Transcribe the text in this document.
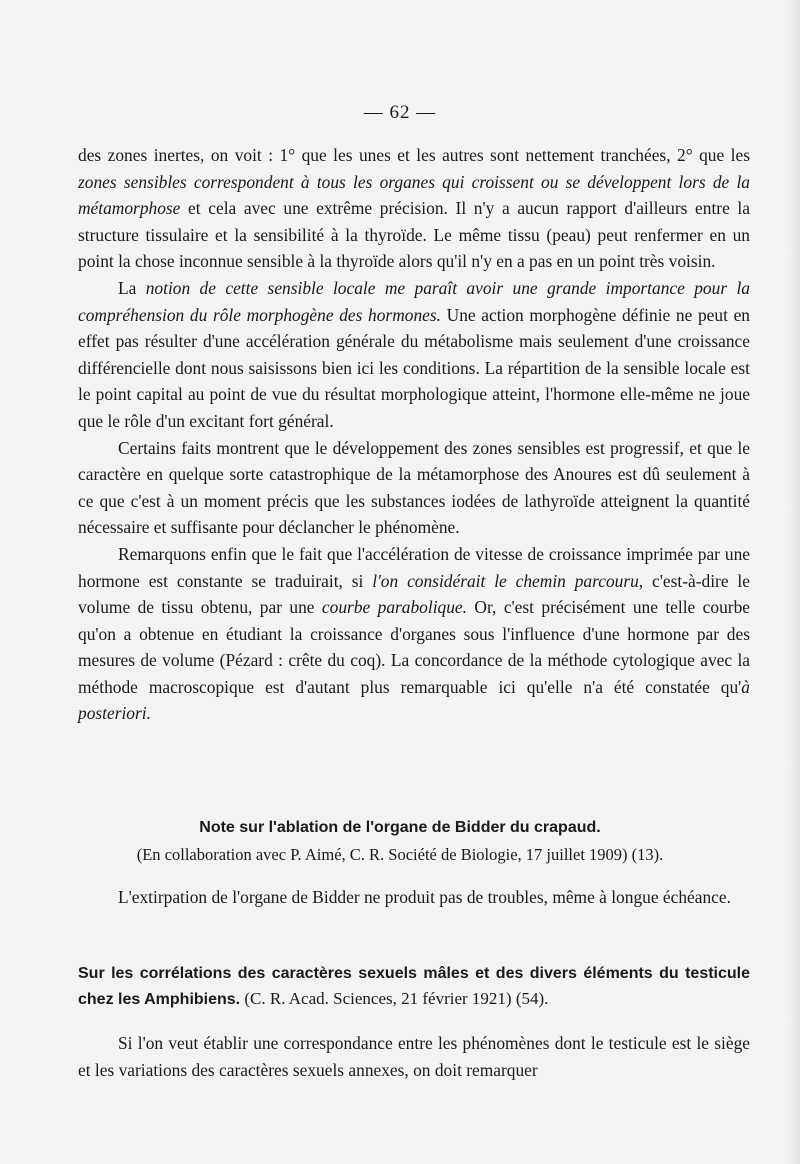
— 62 —

des zones inertes, on voit : 1° que les unes et les autres sont nettement tranchées, 2° que les zones sensibles correspondent à tous les organes qui croissent ou se développent lors de la métamorphose et cela avec une extrême précision. Il n'y a aucun rapport d'ailleurs entre la structure tissulaire et la sensibilité à la thyroïde. Le même tissu (peau) peut renfermer en un point la chose inconnue sensible à la thyroïde alors qu'il n'y en a pas en un point très voisin.

La notion de cette sensible locale me paraît avoir une grande importance pour la compréhension du rôle morphogène des hormones. Une action morphogène définie ne peut en effet pas résulter d'une accélération générale du métabolisme mais seulement d'une croissance différencielle dont nous saisissons bien ici les conditions. La répartition de la sensible locale est le point capital au point de vue du résultat morphologique atteint, l'hormone elle-même ne joue que le rôle d'un excitant fort général.

Certains faits montrent que le développement des zones sensibles est progressif, et que le caractère en quelque sorte catastrophique de la métamorphose des Anoures est dû seulement à ce que c'est à un moment précis que les substances iodées de lathyroïde atteignent la quantité nécessaire et suffisante pour déclancher le phénomène.

Remarquons enfin que le fait que l'accélération de vitesse de croissance imprimée par une hormone est constante se traduirait, si l'on considérait le chemin parcouru, c'est-à-dire le volume de tissu obtenu, par une courbe parabolique. Or, c'est précisément une telle courbe qu'on a obtenue en étudiant la croissance d'organes sous l'influence d'une hormone par des mesures de volume (Pézard : crête du coq). La concordance de la méthode cytologique avec la méthode macroscopique est d'autant plus remarquable ici qu'elle n'a été constatée qu'à posteriori.

Note sur l'ablation de l'organe de Bidder du crapaud.
(En collaboration avec P. Aimé, C. R. Société de Biologie, 17 juillet 1909) (13).

L'extirpation de l'organe de Bidder ne produit pas de troubles, même à longue échéance.

Sur les corrélations des caractères sexuels mâles et des divers éléments du testicule chez les Amphibiens. (C. R. Acad. Sciences, 21 février 1921) (54).

Si l'on veut établir une correspondance entre les phénomènes dont le testicule est le siège et les variations des caractères sexuels annexes, on doit remarquer
